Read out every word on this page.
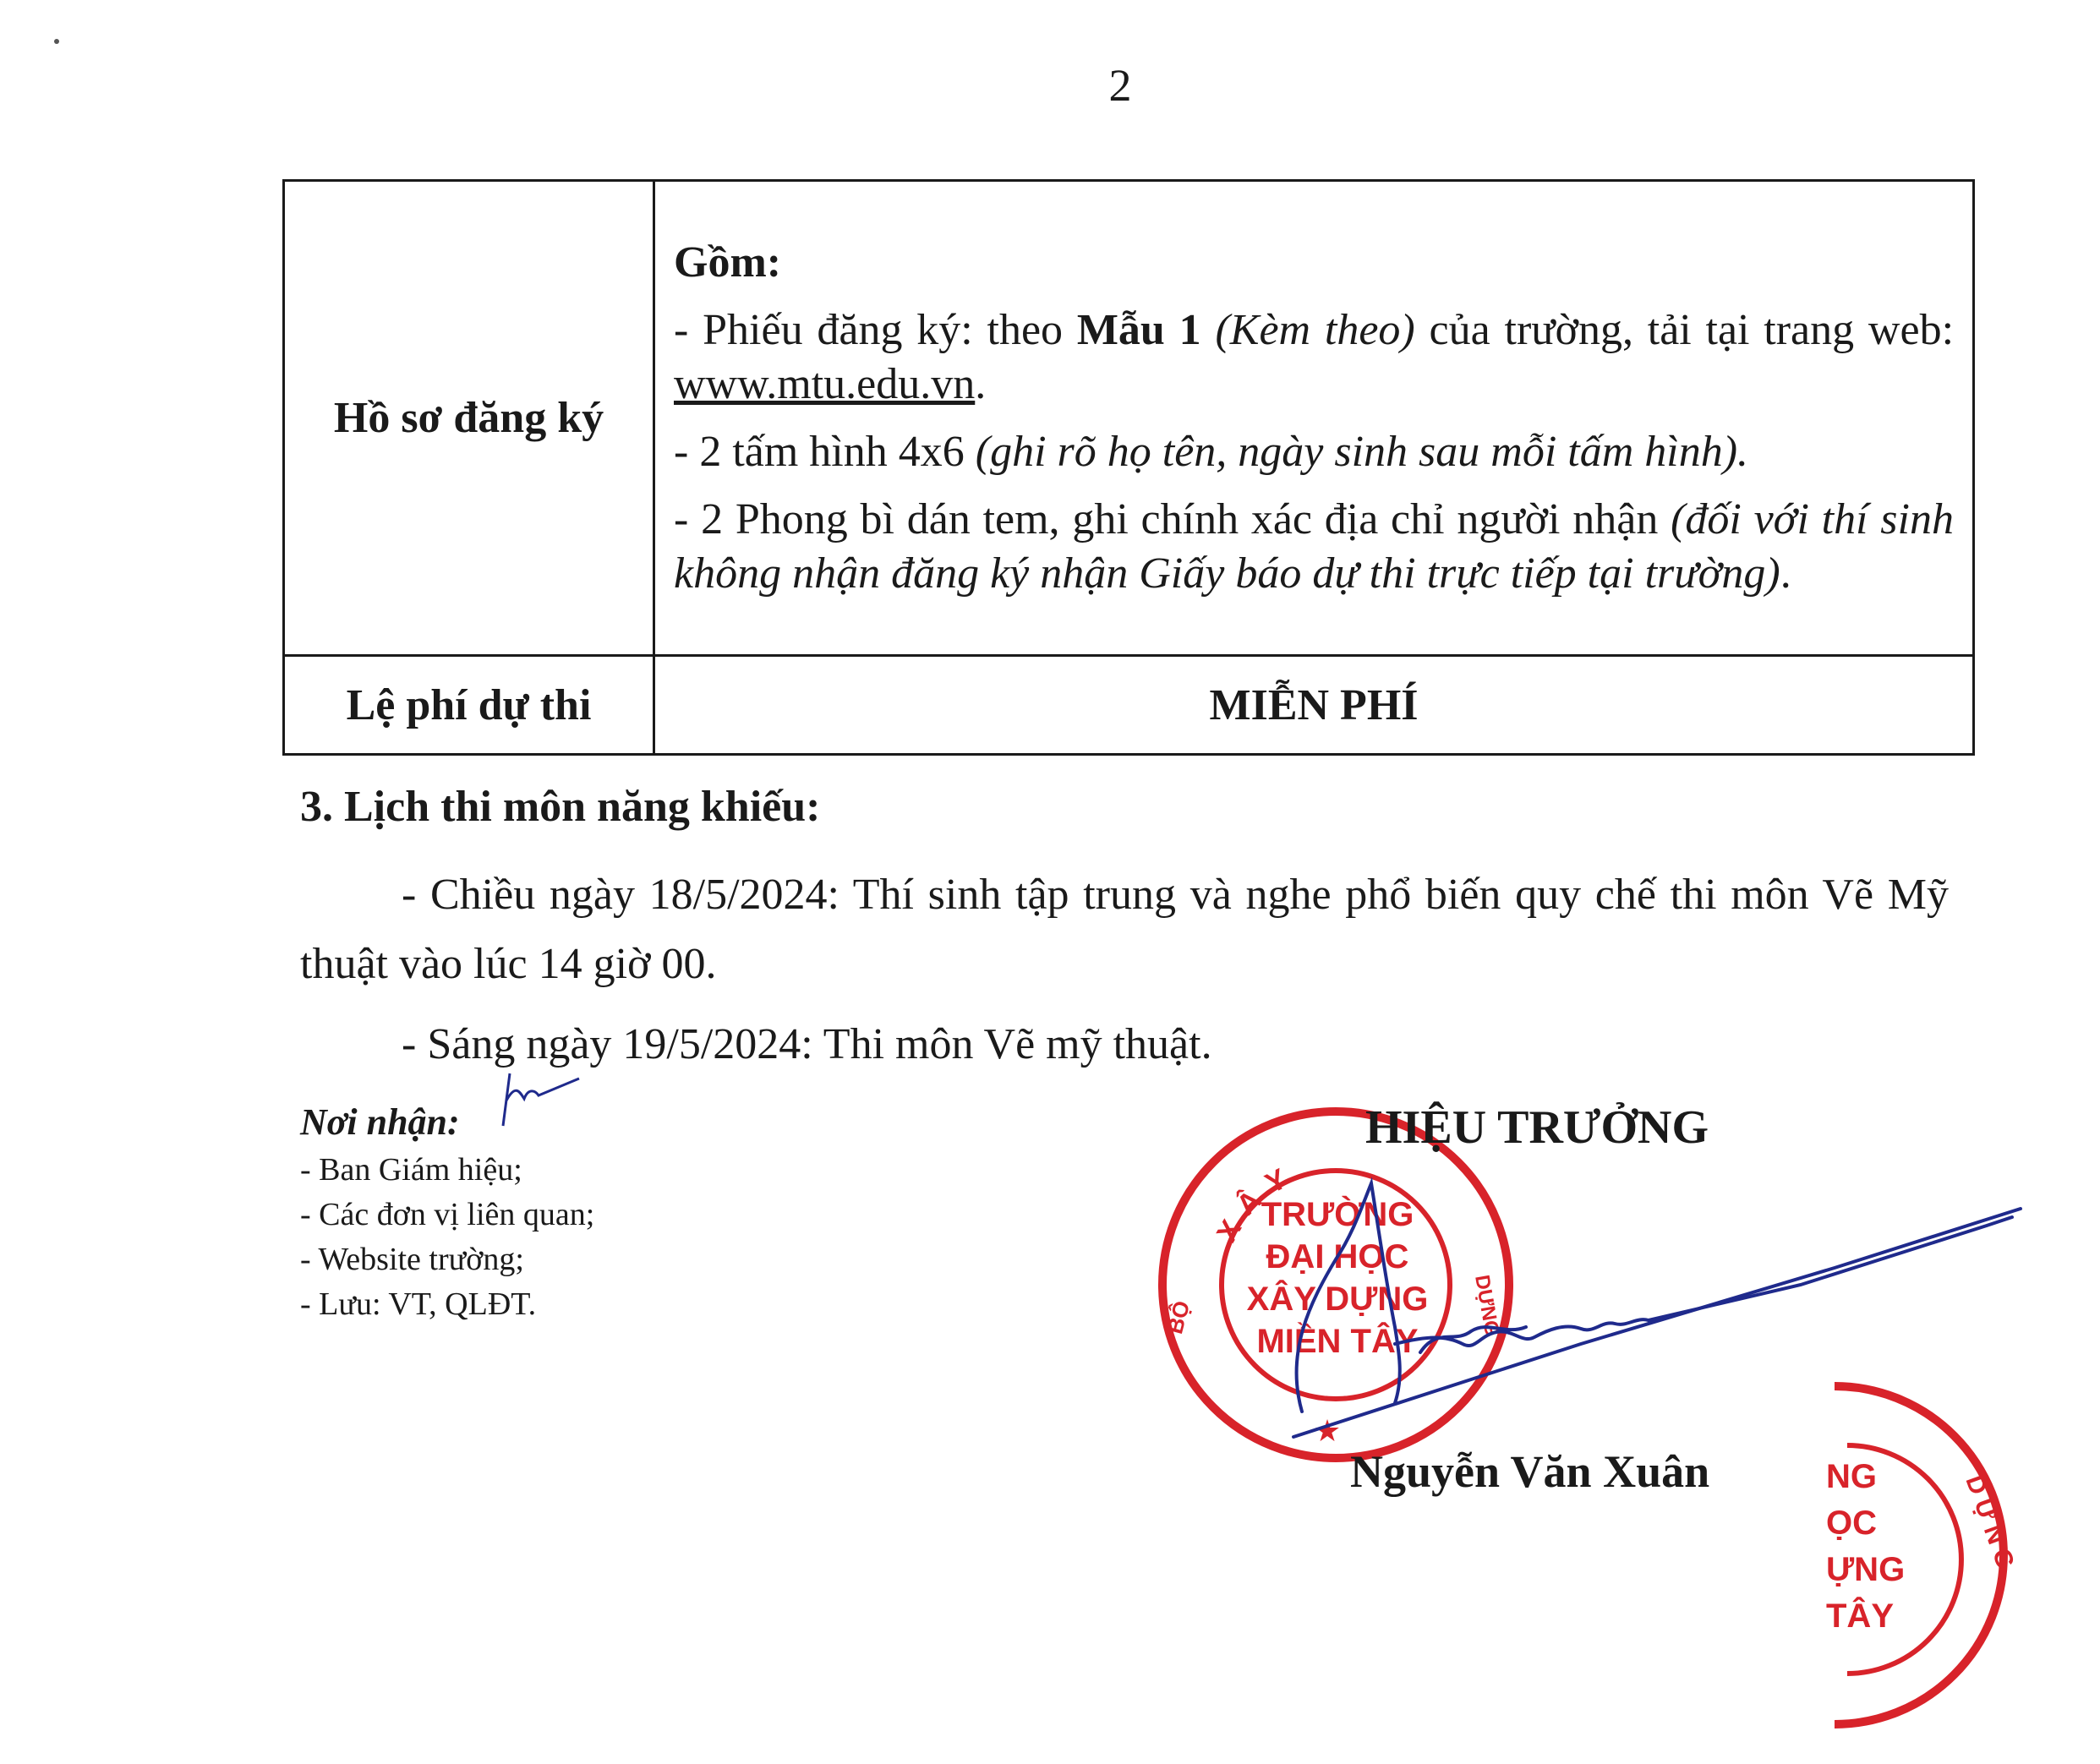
2
Hồ sơ đăng ký	Gồm:

- Phiếu đăng ký: theo Mẫu 1 (Kèm theo) của trường, tải tại trang web: www.mtu.edu.vn.

- 2 tấm hình 4x6 (ghi rõ họ tên, ngày sinh sau mỗi tấm hình).

- 2 Phong bì dán tem, ghi chính xác địa chỉ người nhận (đối với thí sinh không nhận đăng ký nhận Giấy báo dự thi trực tiếp tại trường).

Lệ phí dự thi	MIỄN PHÍ
3. Lịch thi môn năng khiếu:
- Chiều ngày 18/5/2024: Thí sinh tập trung và nghe phổ biến quy chế thi môn Vẽ Mỹ thuật vào lúc 14 giờ 00.
- Sáng ngày 19/5/2024: Thi môn Vẽ mỹ thuật.
Nơi nhận:
- Ban Giám hiệu;
- Các đơn vị liên quan;
- Website trường;
- Lưu: VT, QLĐT.
XÂY
BỘ	DỰNG
TRƯỜNG
ĐẠI HỌC
XÂY DỰNG
MIỀN TÂY
★
NG
ỌC
ỰNG
TÂY
DỰNG
HIỆU TRƯỞNG
Nguyễn Văn Xuân
